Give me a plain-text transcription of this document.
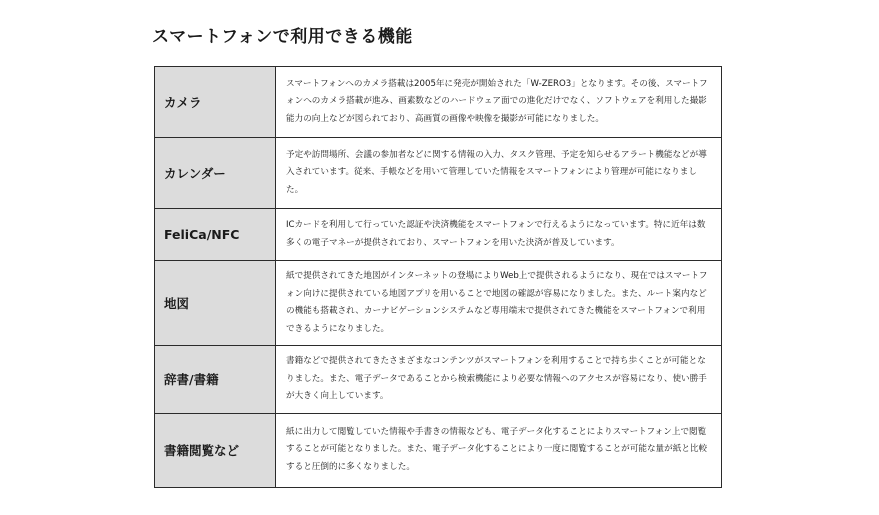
スマートフォンで利用できる機能
カメラ	スマートフォンへのカメラ搭載は2005年に発売が開始された「W-ZERO3」となります。その後、スマートフォンへのカメラ搭載が進み、画素数などのハードウェア面での進化だけでなく、ソフトウェアを利用した撮影能力の向上などが図られており、高画質の画像や映像を撮影が可能になりました。
カレンダー	予定や訪問場所、会議の参加者などに関する情報の入力、タスク管理、予定を知らせるアラート機能などが導入されています。従来、手帳などを用いて管理していた情報をスマートフォンにより管理が可能になりました。
FeliCa/NFC	ICカードを利用して行っていた認証や決済機能をスマートフォンで行えるようになっています。特に近年は数多くの電子マネーが提供されており、スマートフォンを用いた決済が普及しています。
地図	紙で提供されてきた地図がインターネットの登場によりWeb上で提供されるようになり、現在ではスマートフォン向けに提供されている地図アプリを用いることで地図の確認が容易になりました。また、ルート案内などの機能も搭載され、カーナビゲーションシステムなど専用端末で提供されてきた機能をスマートフォンで利用できるようになりました。
辞書/書籍	書籍などで提供されてきたさまざまなコンテンツがスマートフォンを利用することで持ち歩くことが可能となりました。また、電子データであることから検索機能により必要な情報へのアクセスが容易になり、使い勝手が大きく向上しています。
書籍閲覧など	紙に出力して閲覧していた情報や手書きの情報なども、電子データ化することによりスマートフォン上で閲覧することが可能となりました。また、電子データ化することにより一度に閲覧することが可能な量が紙と比較すると圧倒的に多くなりました。
